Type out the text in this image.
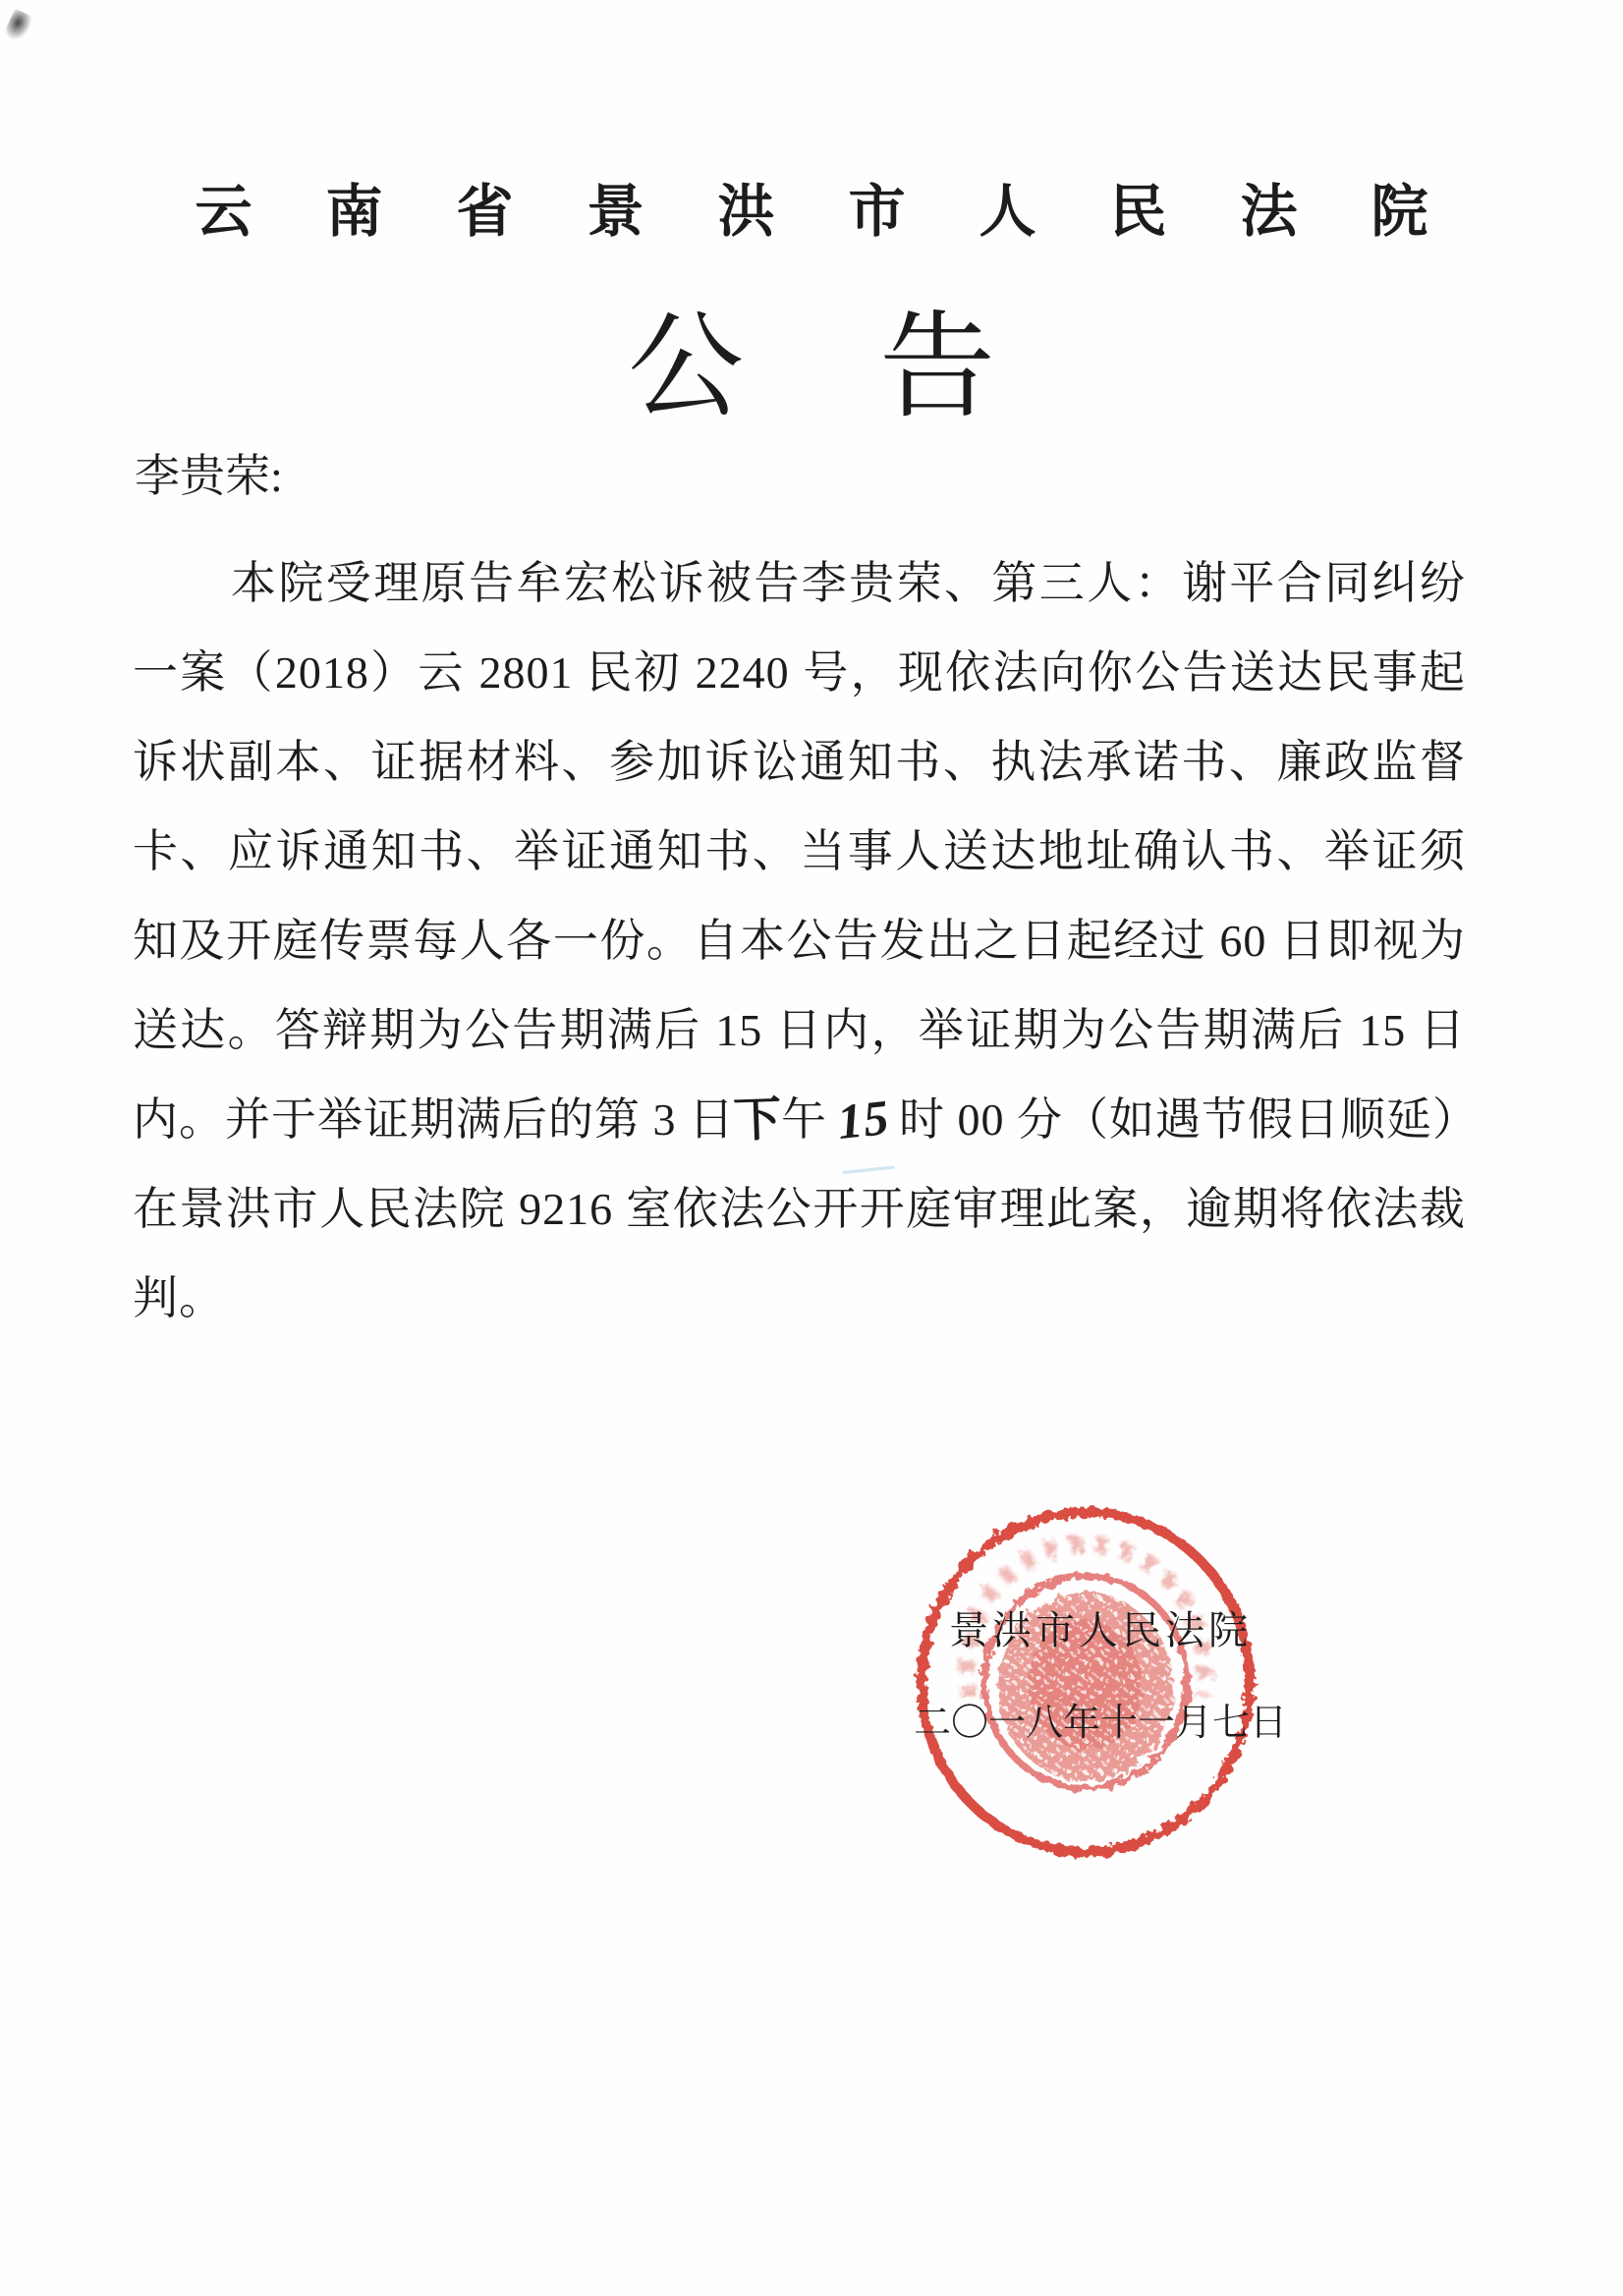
云南省景洪市人民法院
公告

李贵荣:

本院受理原告牟宏松诉被告李贵荣、第三人：谢平合同纠纷

一案（2018）云 2801 民初 2240 号，现依法向你公告送达民事起

诉状副本、证据材料、参加诉讼通知书、执法承诺书、廉政监督

卡、应诉通知书、举证通知书、当事人送达地址确认书、举证须

知及开庭传票每人各一份。自本公告发出之日起经过 60 日即视为

送达。答辩期为公告期满后 15 日内，举证期为公告期满后 15 日

内。并于举证期满后的第 3 日下午 15 时 00 分（如遇节假日顺延）

在景洪市人民法院 9216 室依法公开开庭审理此案，逾期将依法裁

判。

景洪市人民法院

二〇一八年十一月七日
